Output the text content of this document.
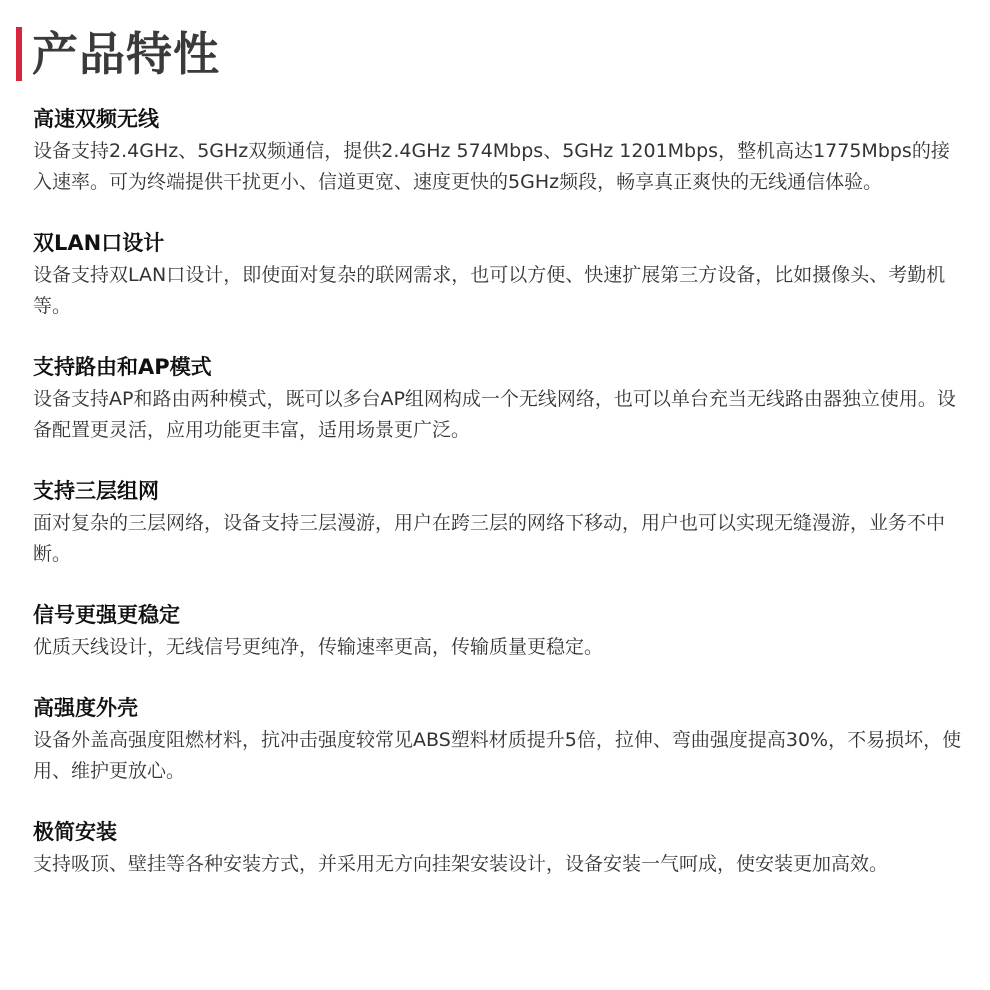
产品特性
高速双频无线

设备支持2.4GHz、5GHz双频通信，提供2.4GHz 574Mbps、5GHz 1201Mbps，整机高达1775Mbps的接入速率。可为终端提供干扰更小、信道更宽、速度更快的5GHz频段，畅享真正爽快的无线通信体验。

双LAN口设计

设备支持双LAN口设计，即使面对复杂的联网需求，也可以方便、快速扩展第三方设备，比如摄像头、考勤机等。

支持路由和AP模式

设备支持AP和路由两种模式，既可以多台AP组网构成一个无线网络，也可以单台充当无线路由器独立使用。设备配置更灵活，应用功能更丰富，适用场景更广泛。

支持三层组网

面对复杂的三层网络，设备支持三层漫游，用户在跨三层的网络下移动，用户也可以实现无缝漫游，业务不中断。

信号更强更稳定

优质天线设计，无线信号更纯净，传输速率更高，传输质量更稳定。

高强度外壳

设备外盖高强度阻燃材料，抗冲击强度较常见ABS塑料材质提升5倍，拉伸、弯曲强度提高30%，不易损坏，使用、维护更放心。

极简安装

支持吸顶、壁挂等各种安装方式，并采用无方向挂架安装设计，设备安装一气呵成，使安装更加高效。
